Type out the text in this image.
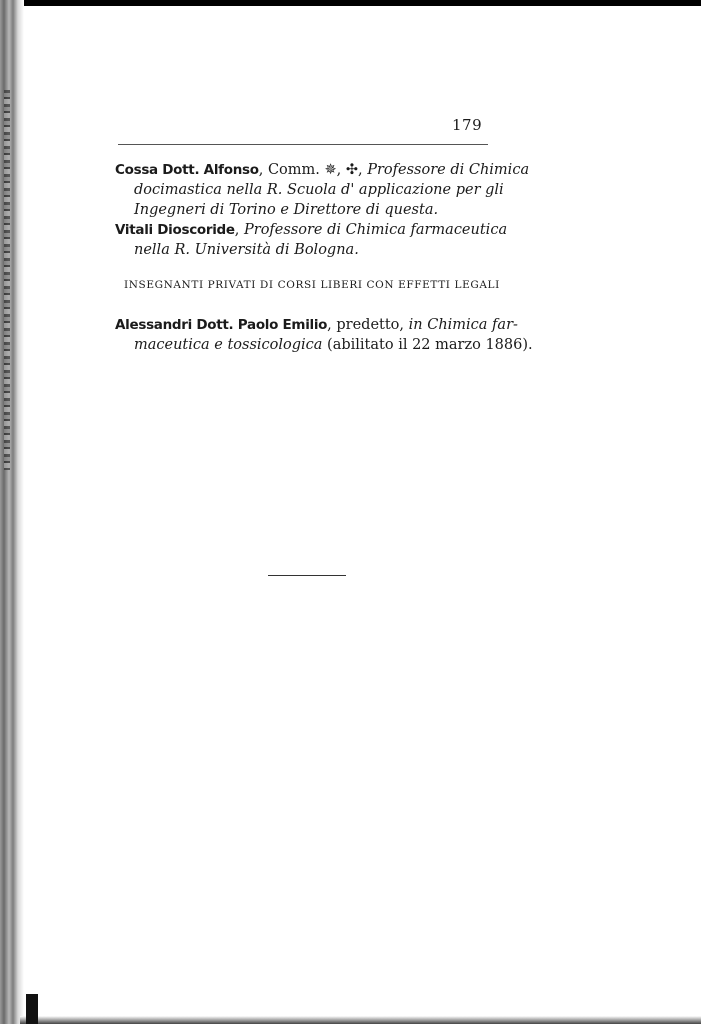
179

Cossa Dott. Alfonso, Comm. ✵, ✣, Professore di Chimica
docimastica nella R. Scuola d' applicazione per gli
Ingegneri di Torino e Direttore di questa.

Vitali Dioscoride, Professore di Chimica farmaceutica
nella R. Università di Bologna.

INSEGNANTI PRIVATI DI CORSI LIBERI CON EFFETTI LEGALI

Alessandri Dott. Paolo Emilio, predetto, in Chimica far-
maceutica e tossicologica (abilitato il 22 marzo 1886).
